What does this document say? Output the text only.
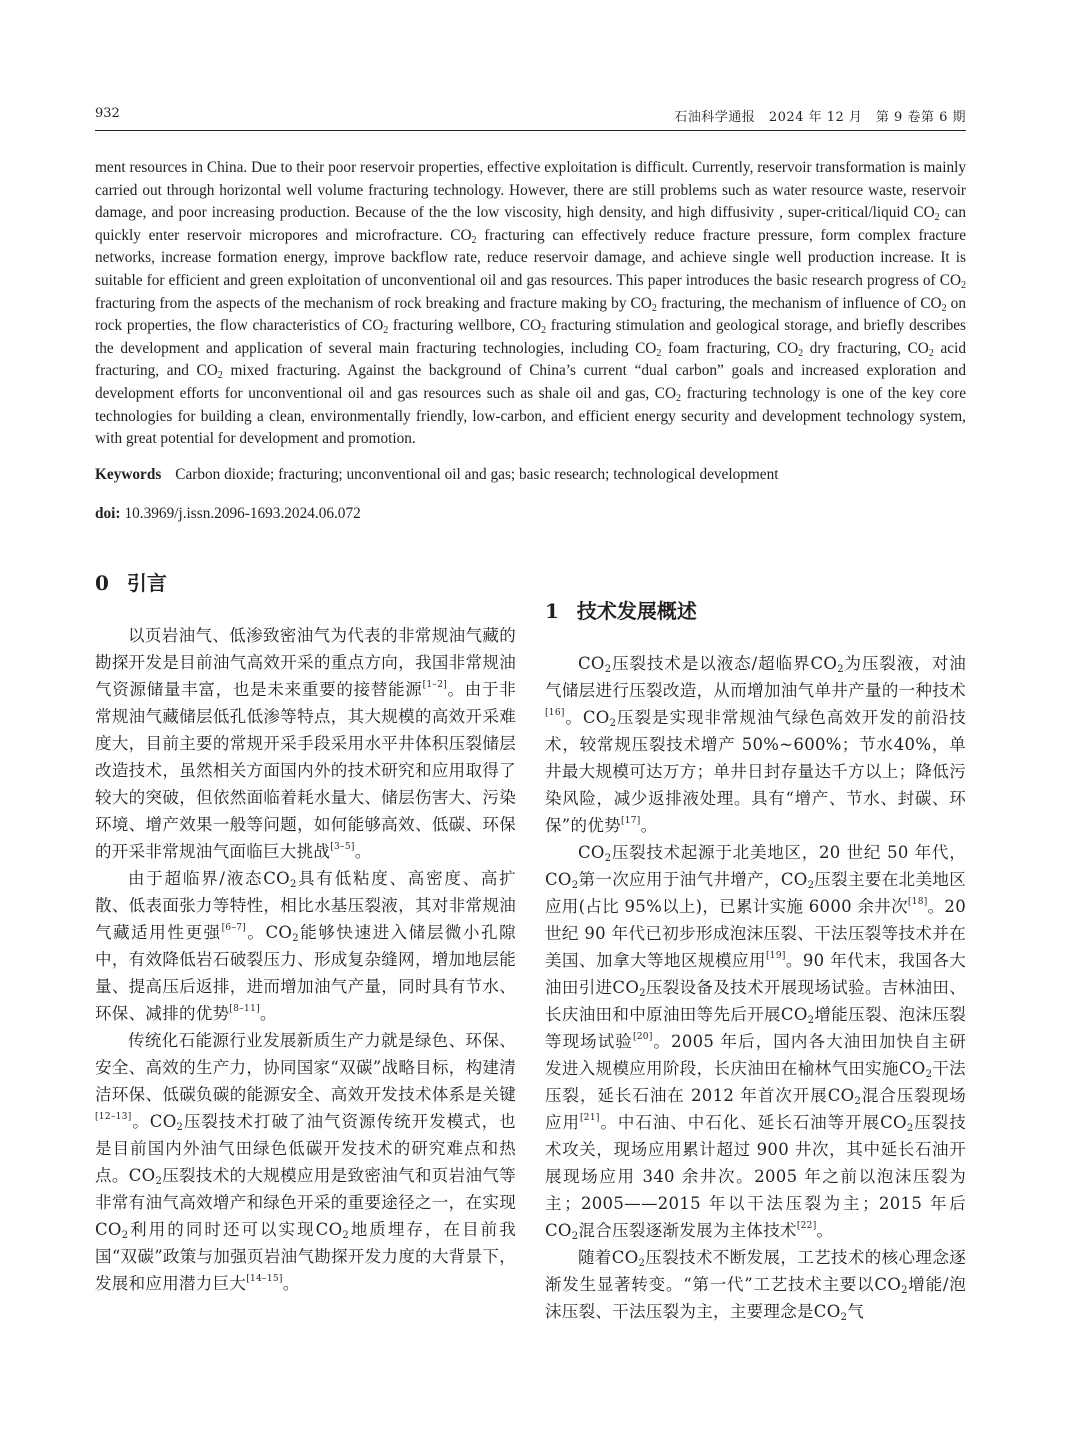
932	石油科学通报　2024 年 12 月　第 9 卷第 6 期

ment resources in China. Due to their poor reservoir properties, effective exploitation is difficult. Currently, reservoir transformation is mainly carried out through horizontal well volume fracturing technology. However, there are still problems such as water resource waste, reservoir damage, and poor increasing production. Because of the the low viscosity, high density, and high diffusivity , super-critical/liquid $CO_2$ can quickly enter reservoir micropores and microfracture. $CO_2$ fracturing can effectively reduce fracture pressure, form complex fracture networks, increase formation energy, improve backflow rate, reduce reservoir damage, and achieve single well production increase. It is suitable for efficient and green exploitation of unconventional oil and gas resources. This paper introduces the basic research progress of $CO_2$ fracturing from the aspects of the mechanism of rock breaking and fracture making by $CO_2$ fracturing, the mechanism of influence of $CO_2$ on rock properties, the flow characteristics of $CO_2$ fracturing wellbore, $CO_2$ fracturing stimulation and geological storage, and briefly describes the development and application of several main fracturing technologies, including $CO_2$ foam fracturing, $CO_2$ dry fracturing, $CO_2$ acid fracturing, and $CO_2$ mixed fracturing. Against the background of China’s current “dual carbon” goals and increased exploration and development efforts for unconventional oil and gas resources such as shale oil and gas, $CO_2$ fracturing technology is one of the key core technologies for building a clean, environmentally friendly, low-carbon, and efficient energy security and development technology system, with great potential for development and promotion.

Keywords Carbon dioxide; fracturing; unconventional oil and gas; basic research; technological development

doi: 10.3969/j.issn.2096-1693.2024.06.072

0 引言

以页岩油气、低渗致密油气为代表的非常规油气藏的勘探开发是目前油气高效开采的重点方向，我国非常规油气资源储量丰富，也是未来重要的接替能源[1–2]。由于非常规油气藏储层低孔低渗等特点，其大规模的高效开采难度大，目前主要的常规开采手段采用水平井体积压裂储层改造技术，虽然相关方面国内外的技术研究和应用取得了较大的突破，但依然面临着耗水量大、储层伤害大、污染环境、增产效果一般等问题，如何能够高效、低碳、环保的开采非常规油气面临巨大挑战[3–5]。

由于超临界/液态$CO_2$具有低粘度、高密度、高扩散、低表面张力等特性，相比水基压裂液，其对非常规油气藏适用性更强[6–7]。$CO_2$能够快速进入储层微小孔隙中，有效降低岩石破裂压力、形成复杂缝网，增加地层能量、提高压后返排，进而增加油气产量，同时具有节水、环保、减排的优势[8–11]。

传统化石能源行业发展新质生产力就是绿色、环保、安全、高效的生产力，协同国家“双碳”战略目标，构建清洁环保、低碳负碳的能源安全、高效开发技术体系是关键[12–13]。$CO_2$压裂技术打破了油气资源传统开发模式，也是目前国内外油气田绿色低碳开发技术的研究难点和热点。$CO_2$压裂技术的大规模应用是致密油气和页岩油气等非常有油气高效增产和绿色开采的重要途径之一，在实现$CO_2$利用的同时还可以实现$CO_2$地质埋存，在目前我国“双碳”政策与加强页岩油气勘探开发力度的大背景下，发展和应用潜力巨大[14–15]。

1 技术发展概述

$CO_2$压裂技术是以液态/超临界$CO_2$为压裂液，对油气储层进行压裂改造，从而增加油气单井产量的一种技术[16]。$CO_2$压裂是实现非常规油气绿色高效开发的前沿技术，较常规压裂技术增产 50%~600%；节水40%，单井最大规模可达万方；单井日封存量达千方以上；降低污染风险，减少返排液处理。具有“增产、节水、封碳、环保”的优势[17]。

$CO_2$压裂技术起源于北美地区，20 世纪 50 年代，$CO_2$第一次应用于油气井增产，$CO_2$压裂主要在北美地区应用(占比 95%以上)，已累计实施 6000 余井次[18]。20 世纪 90 年代已初步形成泡沫压裂、干法压裂等技术并在美国、加拿大等地区规模应用[19]。90 年代末，我国各大油田引进$CO_2$压裂设备及技术开展现场试验。吉林油田、长庆油田和中原油田等先后开展$CO_2$增能压裂、泡沫压裂等现场试验[20]。2005 年后，国内各大油田加快自主研发进入规模应用阶段，长庆油田在榆林气田实施$CO_2$干法压裂，延长石油在 2012 年首次开展$CO_2$混合压裂现场应用[21]。中石油、中石化、延长石油等开展$CO_2$压裂技术攻关，现场应用累计超过 900 井次，其中延长石油开展现场应用 340 余井次。2005 年之前以泡沫压裂为主；2005——2015 年以干法压裂为主；2015 年后$CO_2$混合压裂逐渐发展为主体技术[22]。

随着$CO_2$压裂技术不断发展，工艺技术的核心理念逐渐发生显著转变。“第一代”工艺技术主要以$CO_2$增能/泡沫压裂、干法压裂为主，主要理念是$CO_2$气
